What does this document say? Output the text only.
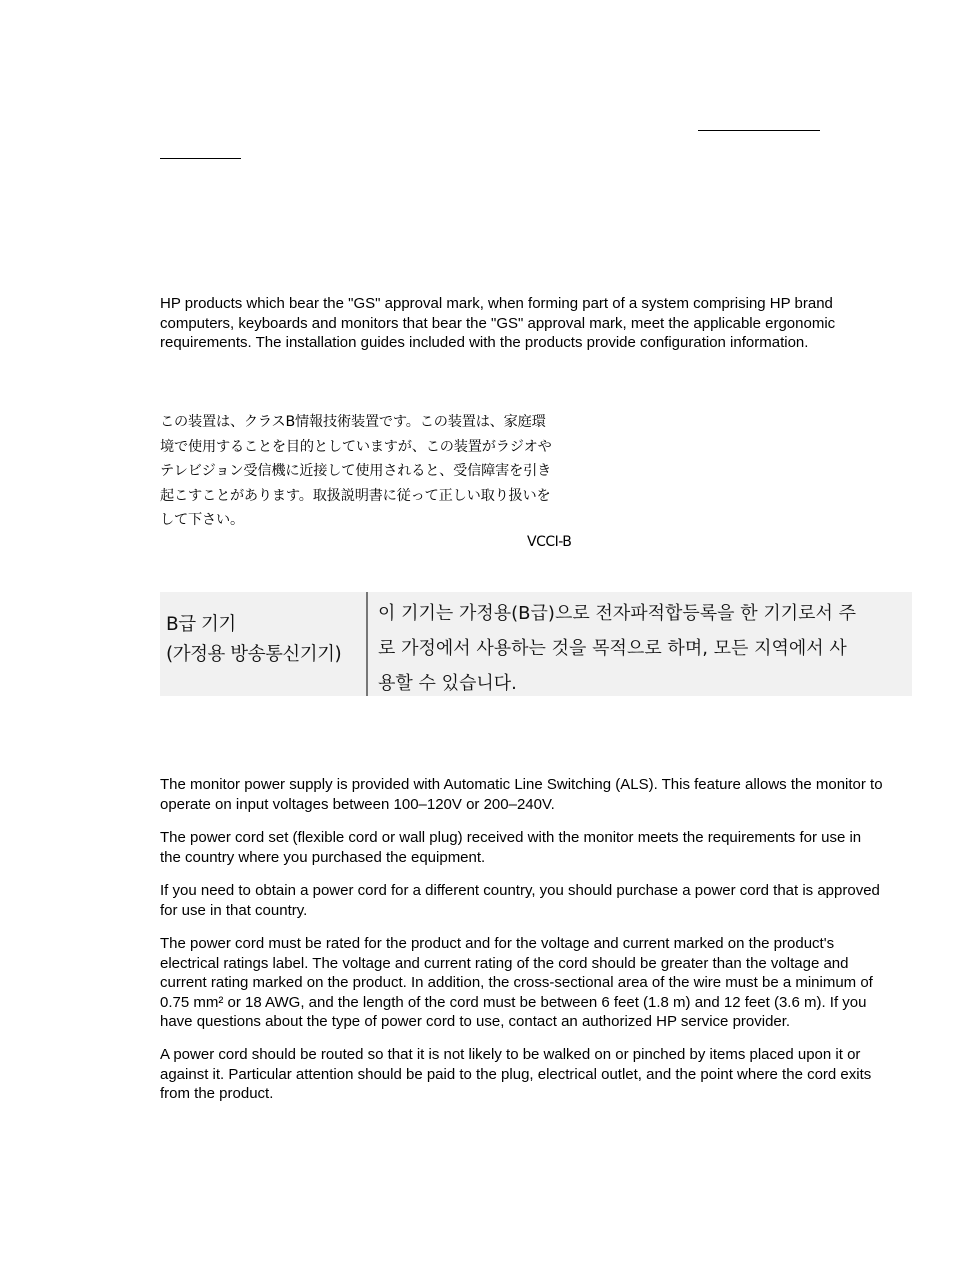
HP products which bear the "GS" approval mark, when forming part of a system comprising HP brand computers, keyboards and monitors that bear the "GS" approval mark, meet the applicable ergonomic requirements. The installation guides included with the products provide configuration information.

この装置は、クラスB情報技術装置です。この装置は、家庭環
境で使用することを目的としていますが、この装置がラジオや
テレビジョン受信機に近接して使用されると、受信障害を引き
起こすことがあります。取扱説明書に従って正しい取り扱いを
して下さい。
VCCI-B
B급 기기
(가정용 방송통신기기)
이 기기는 가정용(B급)으로 전자파적합등록을 한 기기로서 주
로 가정에서 사용하는 것을 목적으로 하며, 모든 지역에서 사
용할 수 있습니다.

The monitor power supply is provided with Automatic Line Switching (ALS). This feature allows the monitor to operate on input voltages between 100–120V or 200–240V.

The power cord set (flexible cord or wall plug) received with the monitor meets the requirements for use in the country where you purchased the equipment.

If you need to obtain a power cord for a different country, you should purchase a power cord that is approved for use in that country.

The power cord must be rated for the product and for the voltage and current marked on the product's electrical ratings label. The voltage and current rating of the cord should be greater than the voltage and current rating marked on the product. In addition, the cross-sectional area of the wire must be a minimum of 0.75 mm² or 18 AWG, and the length of the cord must be between 6 feet (1.8 m) and 12 feet (3.6 m). If you have questions about the type of power cord to use, contact an authorized HP service provider.

A power cord should be routed so that it is not likely to be walked on or pinched by items placed upon it or against it. Particular attention should be paid to the plug, electrical outlet, and the point where the cord exits from the product.
